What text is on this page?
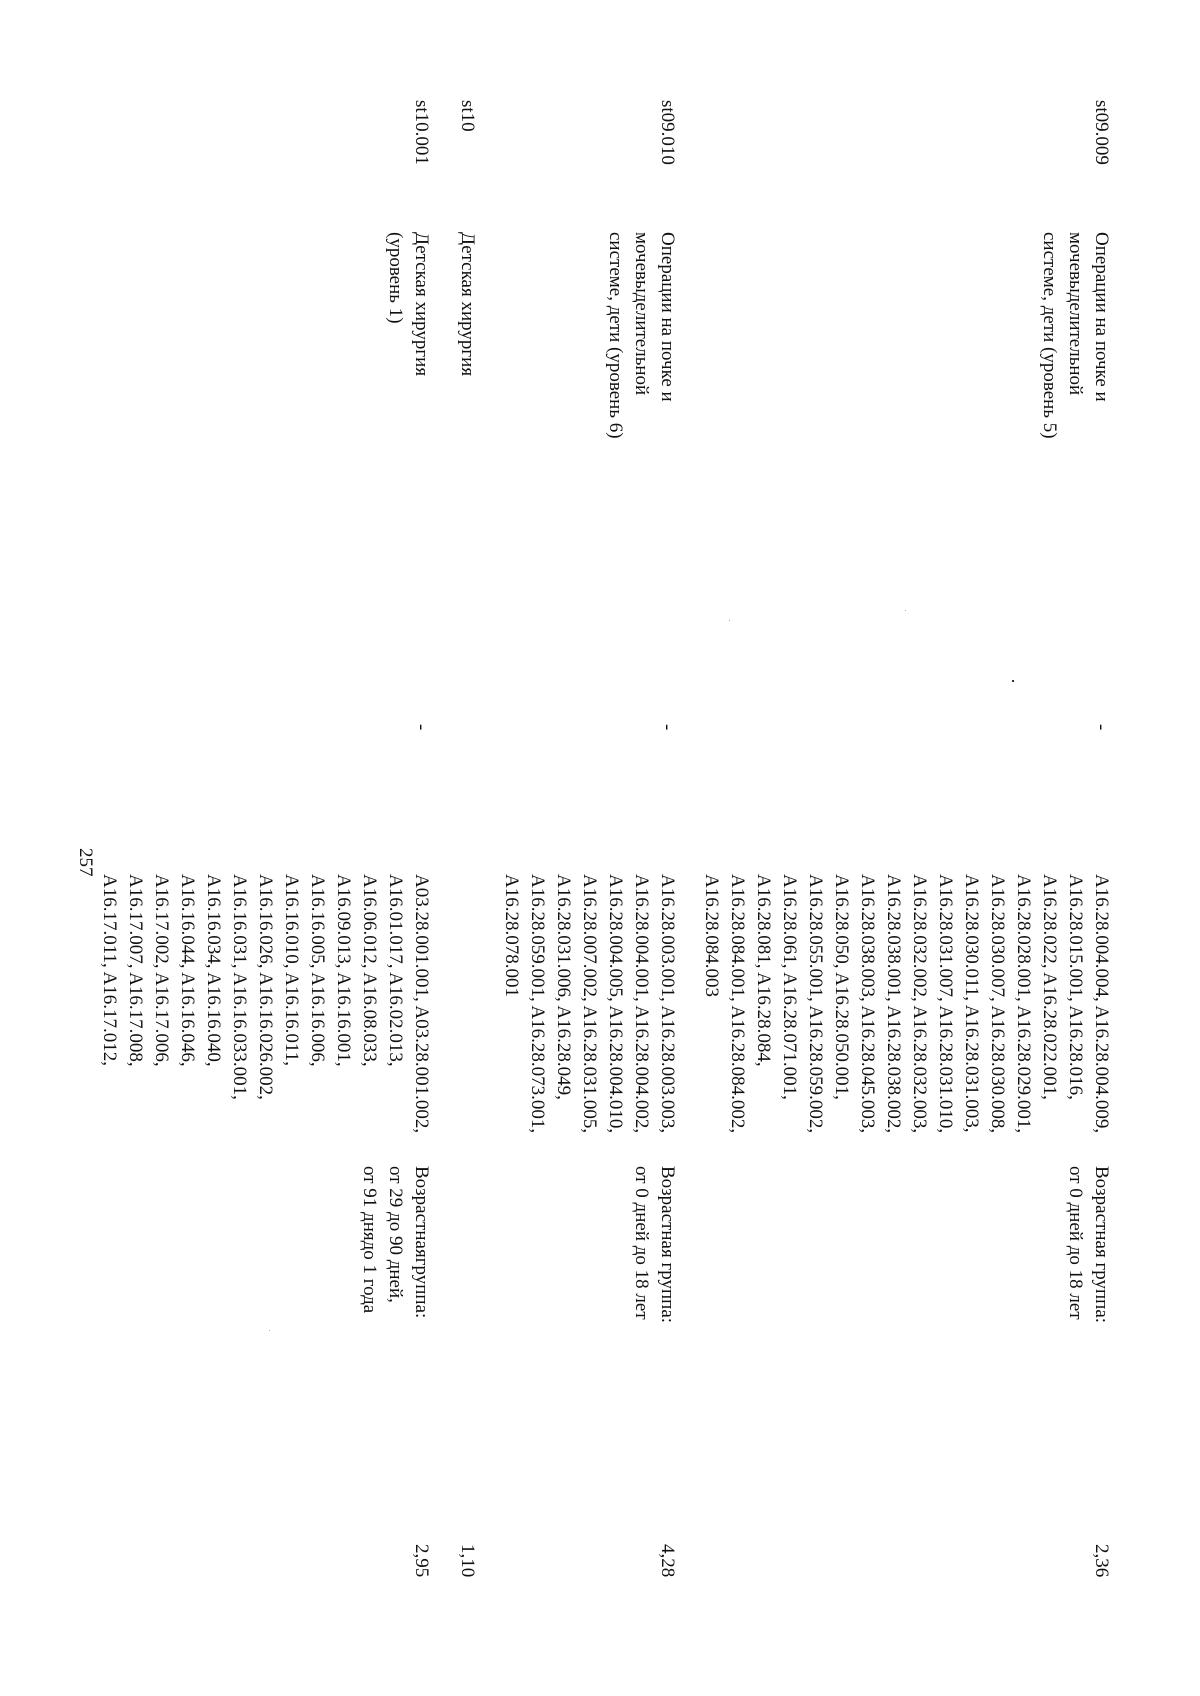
257
st09.009
Операции на почке и
мочевыделительной
системе, дети (уровень 5)
-
A16.28.004.004, A16.28.004.009,
A16.28.015.001, A16.28.016,
A16.28.022, A16.28.022.001,
A16.28.028.001, A16.28.029.001,
A16.28.030.007, A16.28.030.008,
A16.28.030.011, A16.28.031.003,
A16.28.031.007, A16.28.031.010,
A16.28.032.002, A16.28.032.003,
A16.28.038.001, A16.28.038.002,
A16.28.038.003, A16.28.045.003,
A16.28.050, A16.28.050.001,
A16.28.055.001, A16.28.059.002,
A16.28.061, A16.28.071.001,
A16.28.081, A16.28.084,
A16.28.084.001, A16.28.084.002,
A16.28.084.003
Возрастная группа:
от 0 дней до 18 лет
2,36
st09.010
Операции на почке и
мочевыделительной
системе, дети (уровень 6)
-
A16.28.003.001, A16.28.003.003,
A16.28.004.001, A16.28.004.002,
A16.28.004.005, A16.28.004.010,
A16.28.007.002, A16.28.031.005,
A16.28.031.006, A16.28.049,
A16.28.059.001, A16.28.073.001,
A16.28.078.001
Возрастная группа:
от 0 дней до 18 лет
4,28
st10
Детская хирургия
1,10
st10.001
Детская хирургия
(уровень 1)
-
A03.28.001.001, A03.28.001.002,
A16.01.017, A16.02.013,
A16.06.012, A16.08.033,
A16.09.013, A16.16.001,
A16.16.005, A16.16.006,
A16.16.010, A16.16.011,
A16.16.026, A16.16.026.002,
A16.16.031, A16.16.033.001,
A16.16.034, A16.16.040,
A16.16.044, A16.16.046,
A16.17.002, A16.17.006,
A16.17.007, A16.17.008,
A16.17.011, A16.17.012,
Возрастнаягруппа:
от 29 до 90 дней,
от 91 днядо 1 года
2,95
